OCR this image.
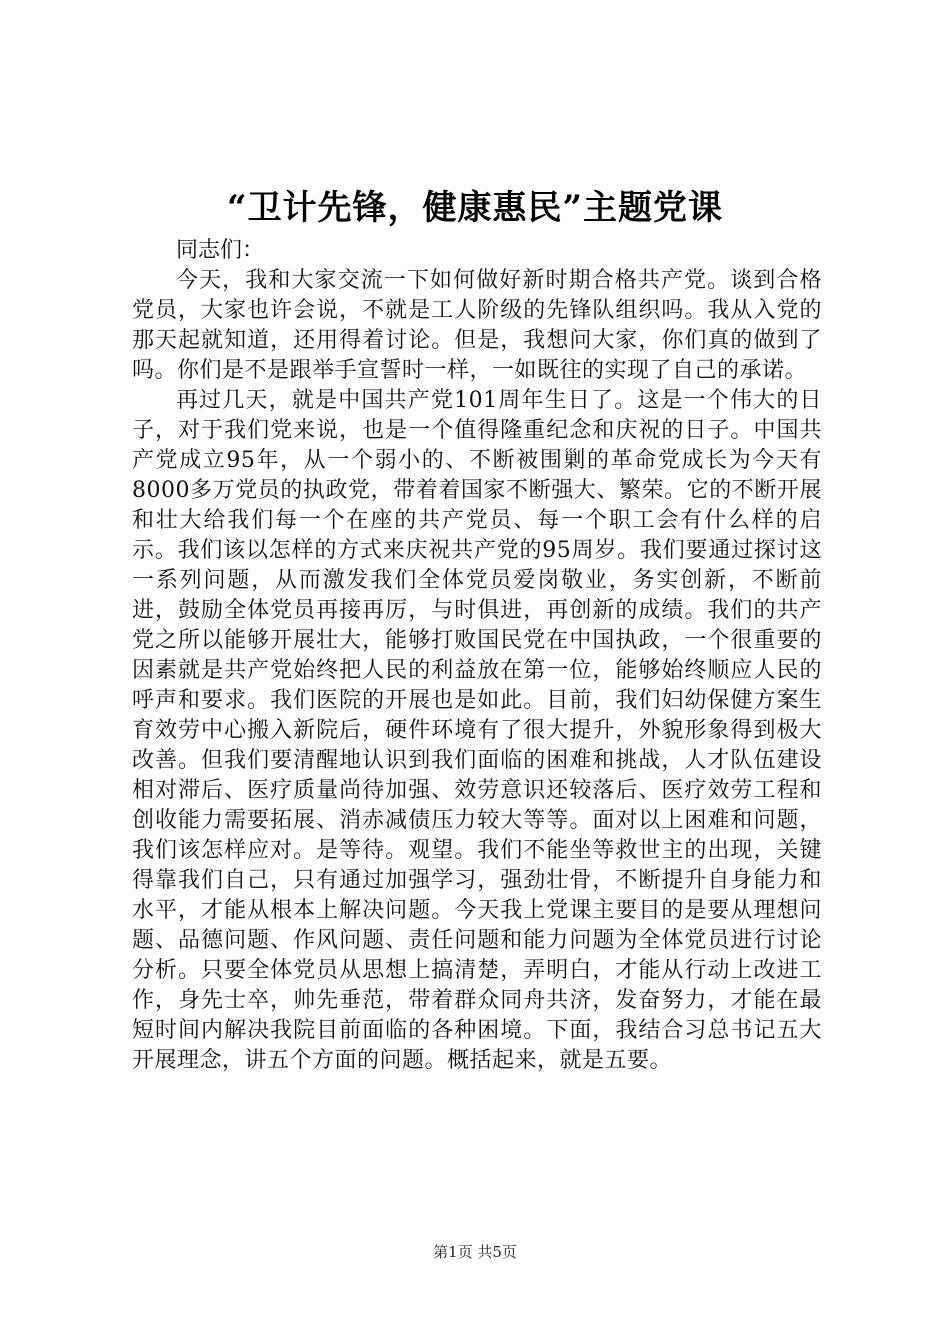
“卫计先锋，健康惠民”主题党课

同志们：

今天，我和大家交流一下如何做好新时期合格共产党。谈到合格党员，大家也许会说，不就是工人阶级的先锋队组织吗。我从入党的那天起就知道，还用得着讨论。但是，我想问大家，你们真的做到了吗。你们是不是跟举手宣誓时一样，一如既往的实现了自己的承诺。

再过几天，就是中国共产党101周年生日了。这是一个伟大的日子，对于我们党来说，也是一个值得隆重纪念和庆祝的日子。中国共产党成立95年，从一个弱小的、不断被围剿的革命党成长为今天有8000多万党员的执政党，带着着国家不断强大、繁荣。它的不断开展和壮大给我们每一个在座的共产党员、每一个职工会有什么样的启示。我们该以怎样的方式来庆祝共产党的95周岁。我们要通过探讨这一系列问题，从而激发我们全体党员爱岗敬业，务实创新，不断前进，鼓励全体党员再接再厉，与时俱进，再创新的成绩。我们的共产党之所以能够开展壮大，能够打败国民党在中国执政，一个很重要的因素就是共产党始终把人民的利益放在第一位，能够始终顺应人民的呼声和要求。我们医院的开展也是如此。目前，我们妇幼保健方案生育效劳中心搬入新院后，硬件环境有了很大提升，外貌形象得到极大改善。但我们要清醒地认识到我们面临的困难和挑战，人才队伍建设相对滞后、医疗质量尚待加强、效劳意识还较落后、医疗效劳工程和创收能力需要拓展、消赤减债压力较大等等。面对以上困难和问题，我们该怎样应对。是等待。观望。我们不能坐等救世主的出现，关键得靠我们自己，只有通过加强学习，强劲壮骨，不断提升自身能力和水平，才能从根本上解决问题。今天我上党课主要目的是要从理想问题、品德问题、作风问题、责任问题和能力问题为全体党员进行讨论分析。只要全体党员从思想上搞清楚，弄明白，才能从行动上改进工作，身先士卒，帅先垂范，带着群众同舟共济，发奋努力，才能在最短时间内解决我院目前面临的各种困境。下面，我结合习总书记五大开展理念，讲五个方面的问题。概括起来，就是五要。

第1页 共5页
